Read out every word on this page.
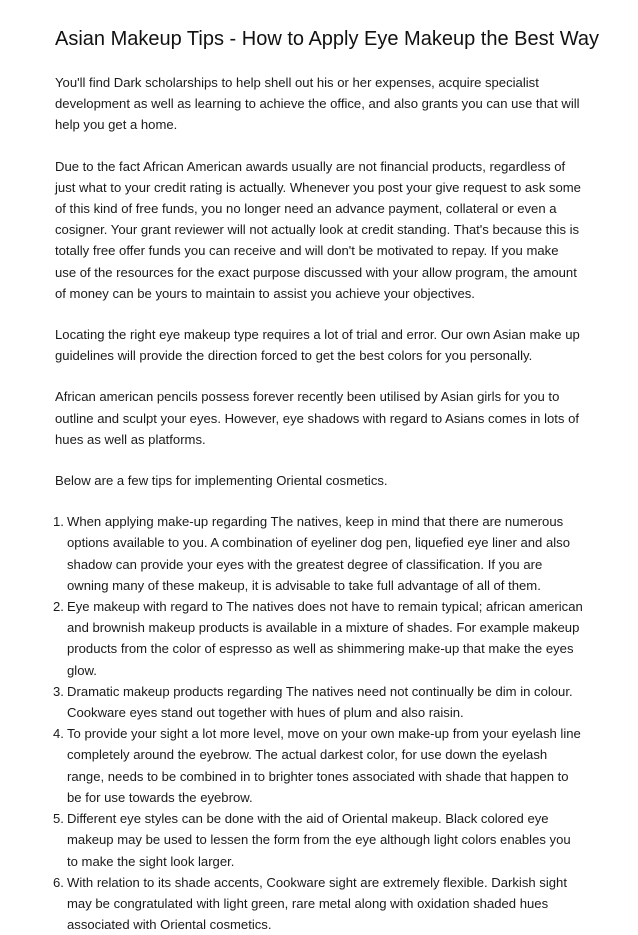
Asian Makeup Tips - How to Apply Eye Makeup the Best Way

You'll find Dark scholarships to help shell out his or her expenses, acquire specialist development as well as learning to achieve the office, and also grants you can use that will help you get a home.

Due to the fact African American awards usually are not financial products, regardless of just what to your credit rating is actually. Whenever you post your give request to ask some of this kind of free funds, you no longer need an advance payment, collateral or even a cosigner. Your grant reviewer will not actually look at credit standing. That's because this is totally free offer funds you can receive and will don't be motivated to repay. If you make use of the resources for the exact purpose discussed with your allow program, the amount of money can be yours to maintain to assist you achieve your objectives.

Locating the right eye makeup type requires a lot of trial and error. Our own Asian make up guidelines will provide the direction forced to get the best colors for you personally.

African american pencils possess forever recently been utilised by Asian girls for you to outline and sculpt your eyes. However, eye shadows with regard to Asians comes in lots of hues as well as platforms.

Below are a few tips for implementing Oriental cosmetics.

1. When applying make-up regarding The natives, keep in mind that there are numerous options available to you. A combination of eyeliner dog pen, liquefied eye liner and also shadow can provide your eyes with the greatest degree of classification. If you are owning many of these makeup, it is advisable to take full advantage of all of them.
2. Eye makeup with regard to The natives does not have to remain typical; african american and brownish makeup products is available in a mixture of shades. For example makeup products from the color of espresso as well as shimmering make-up that make the eyes glow.
3. Dramatic makeup products regarding The natives need not continually be dim in colour. Cookware eyes stand out together with hues of plum and also raisin.
4. To provide your sight a lot more level, move on your own make-up from your eyelash line completely around the eyebrow. The actual darkest color, for use down the eyelash range, needs to be combined in to brighter tones associated with shade that happen to be for use towards the eyebrow.
5. Different eye styles can be done with the aid of Oriental makeup. Black colored eye makeup may be used to lessen the form from the eye although light colors enables you to make the sight look larger.
6. With relation to its shade accents, Cookware sight are extremely flexible. Darkish sight may be congratulated with light green, rare metal along with oxidation shaded hues associated with Oriental cosmetics.
